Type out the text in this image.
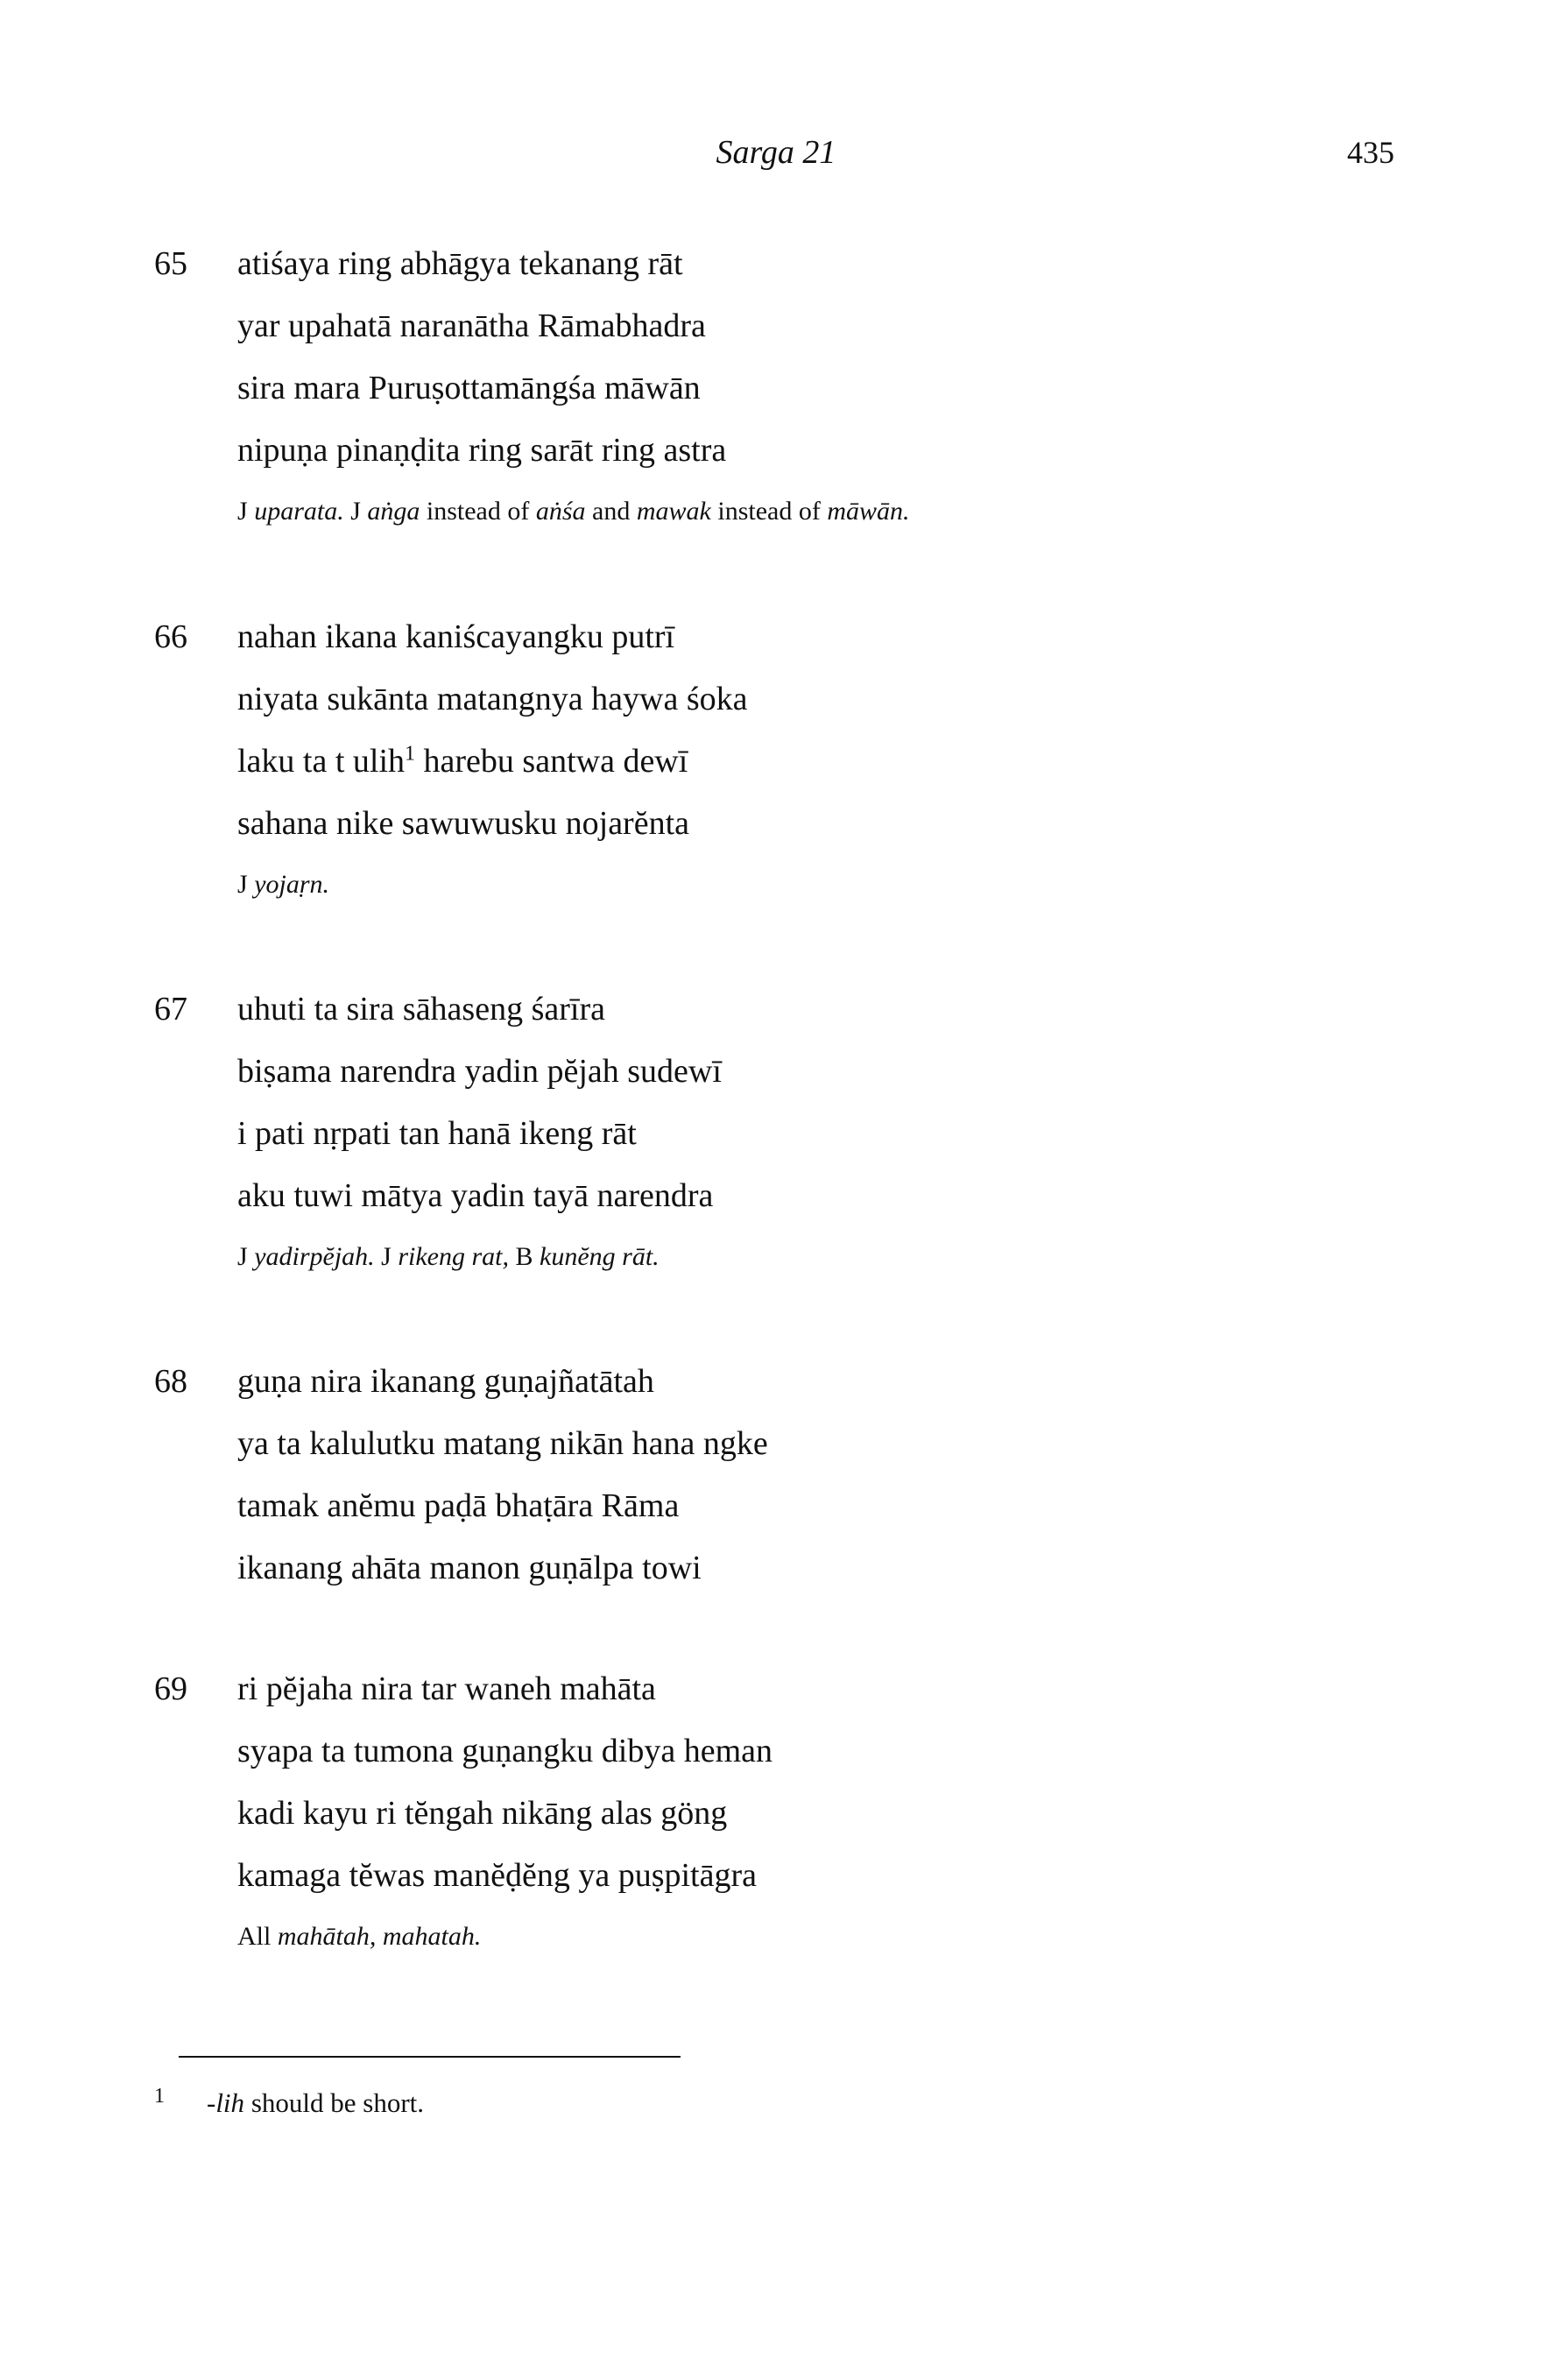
Sarga 21	435
65 atiśaya ring abhāgya tekanang rāt
yar upahatā naranātha Rāmabhadra
sira mara Puruṣottamāngśa māwān
nipuṇa pinaṇḍita ring sarāt ring astra
J uparata. J aṅga instead of aṅśa and mawak instead of māwān.
66 nahan ikana kaniścayangku putrī
niyata sukānta matangnya haywa śoka
laku ta t ulih$^1$ harebu santwa dewī
sahana nike sawuwusku nojarĕnta
J yojaṛn.
67 uhuti ta sira sāhaseng śarīra
biṣama narendra yadin pĕjah sudewī
i pati nṛpati tan hanā ikeng rāt
aku tuwi mātya yadin tayā narendra
J yadirpĕjah. J rikeng rat, B kunĕng rāt.
68 guṇa nira ikanang guṇajñatātah
ya ta kalulutku matang nikān hana ngke
tamak anĕmu paḍā bhaṭāra Rāma
ikanang ahāta manon guṇālpa towi
69 ri pĕjaha nira tar waneh mahāta
syapa ta tumona guṇangku dibya heman
kadi kayu ri tĕngah nikāng alas göng
kamaga tĕwas manĕḍĕng ya puṣpitāgra
All mahātah, mahatah.
1 -lih should be short.
